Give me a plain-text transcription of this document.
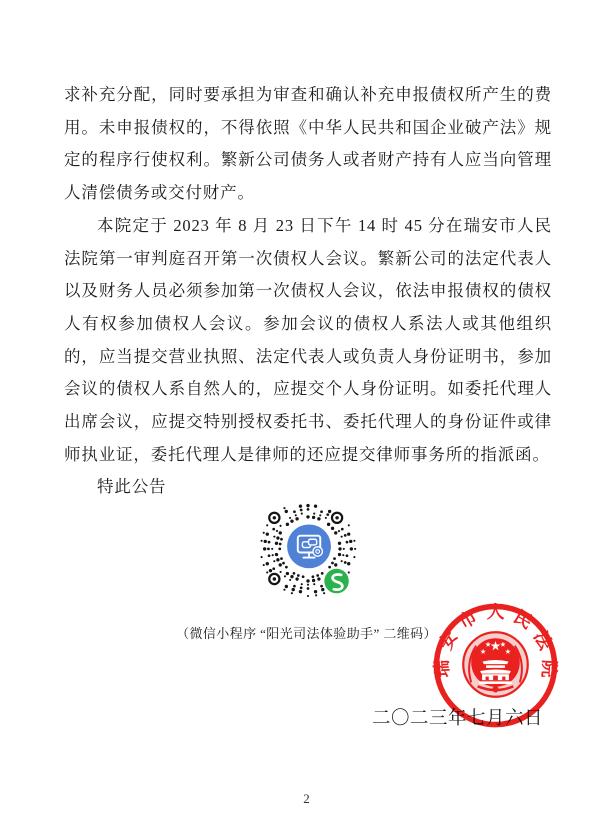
求补充分配，同时要承担为审查和确认补充申报债权所产生的费用。未申报债权的，不得依照《中华人民共和国企业破产法》规定的程序行使权利。繁新公司债务人或者财产持有人应当向管理人清偿债务或交付财产。

本院定于 2023 年 8 月 23 日下午 14 时 45 分在瑞安市人民法院第一审判庭召开第一次债权人会议。繁新公司的法定代表人以及财务人员必须参加第一次债权人会议，依法申报债权的债权人有权参加债权人会议。参加会议的债权人系法人或其他组织的，应当提交营业执照、法定代表人或负责人身份证明书，参加会议的债权人系自然人的，应提交个人身份证明。如委托代理人出席会议，应提交特别授权委托书、委托代理人的身份证件或律师执业证，委托代理人是律师的还应提交律师事务所的指派函。

特此公告

（微信小程序 “阳光司法体验助手” 二维码）
二〇二三年七月六日
瑞安市人民法院
2
